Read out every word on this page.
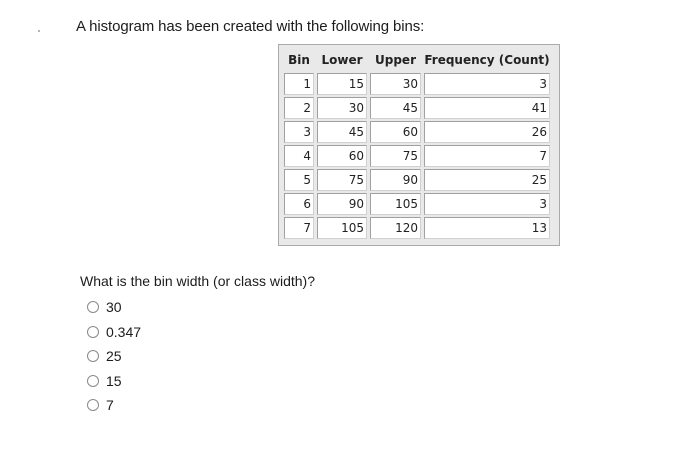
A histogram has been created with the following bins:
Bin	Lower	Upper	Frequency (Count)
1	15	30	3
2	30	45	41
3	45	60	26
4	60	75	7
5	75	90	25
6	90	105	3
7	105	120	13
What is the bin width (or class width)?
30
0.347
25
15
7
